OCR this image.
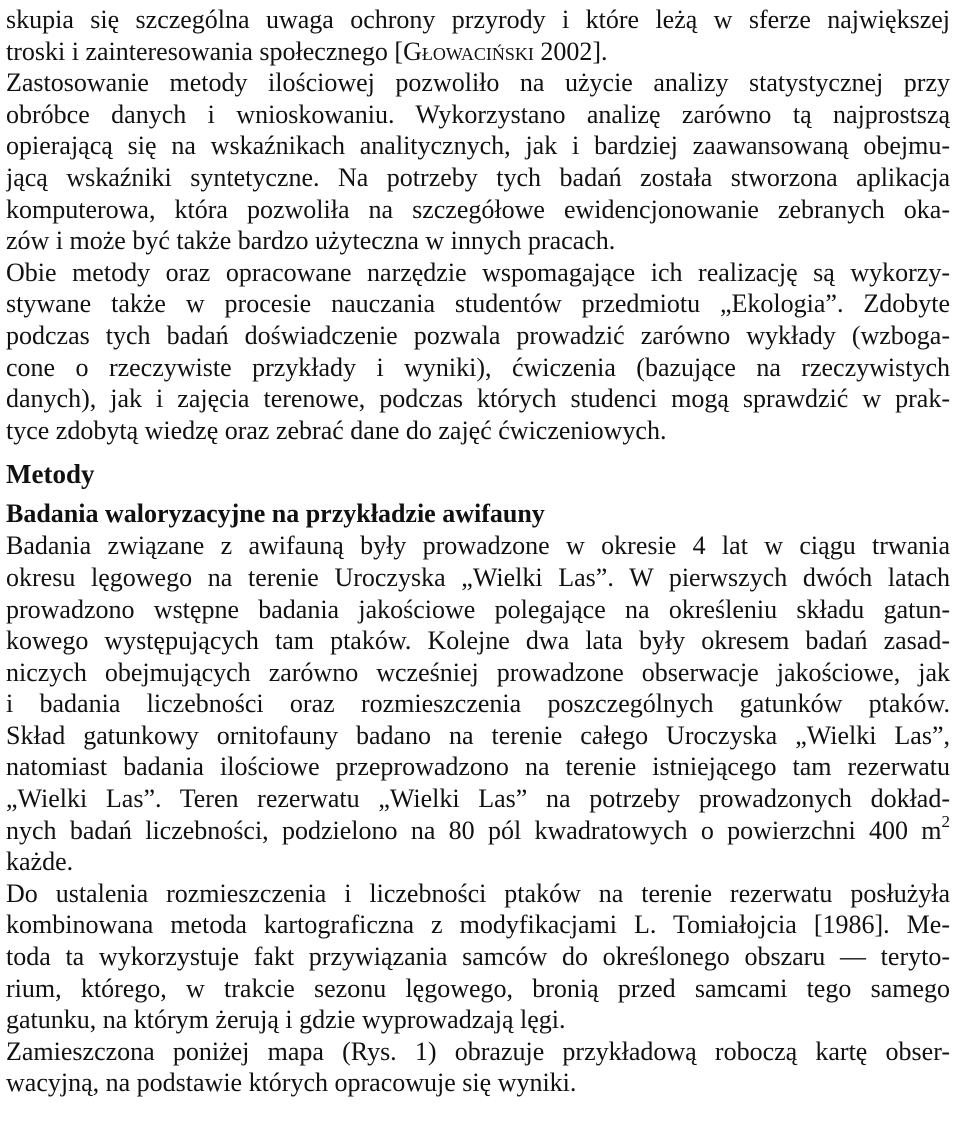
skupia się szczególna uwaga ochrony przyrody i które leżą w sferze największej
troski i zainteresowania społecznego [Głowaciński 2002].
Zastosowanie metody ilościowej pozwoliło na użycie analizy statystycznej przy
obróbce danych i wnioskowaniu. Wykorzystano analizę zarówno tą najprostszą
opierającą się na wskaźnikach analitycznych, jak i bardziej zaawansowaną obejmu-
jącą wskaźniki syntetyczne. Na potrzeby tych badań została stworzona aplikacja
komputerowa, która pozwoliła na szczegółowe ewidencjonowanie zebranych oka-
zów i może być także bardzo użyteczna w innych pracach.
Obie metody oraz opracowane narzędzie wspomagające ich realizację są wykorzy-
stywane także w procesie nauczania studentów przedmiotu „Ekologia”. Zdobyte
podczas tych badań doświadczenie pozwala prowadzić zarówno wykłady (wzboga-
cone o rzeczywiste przykłady i wyniki), ćwiczenia (bazujące na rzeczywistych
danych), jak i zajęcia terenowe, podczas których studenci mogą sprawdzić w prak-
tyce zdobytą wiedzę oraz zebrać dane do zajęć ćwiczeniowych.
Metody
Badania waloryzacyjne na przykładzie awifauny
Badania związane z awifauną były prowadzone w okresie 4 lat w ciągu trwania
okresu lęgowego na terenie Uroczyska „Wielki Las”. W pierwszych dwóch latach
prowadzono wstępne badania jakościowe polegające na określeniu składu gatun-
kowego występujących tam ptaków. Kolejne dwa lata były okresem badań zasad-
niczych obejmujących zarówno wcześniej prowadzone obserwacje jakościowe, jak
i badania liczebności oraz rozmieszczenia poszczególnych gatunków ptaków.
Skład gatunkowy ornitofauny badano na terenie całego Uroczyska „Wielki Las”,
natomiast badania ilościowe przeprowadzono na terenie istniejącego tam rezerwatu
„Wielki Las”. Teren rezerwatu „Wielki Las” na potrzeby prowadzonych dokład-
nych badań liczebności, podzielono na 80 pól kwadratowych o powierzchni 400 $m^2$
każde.
Do ustalenia rozmieszczenia i liczebności ptaków na terenie rezerwatu posłużyła
kombinowana metoda kartograficzna z modyfikacjami L. Tomiałojcia [1986]. Me-
toda ta wykorzystuje fakt przywiązania samców do określonego obszaru — teryto-
rium, którego, w trakcie sezonu lęgowego, bronią przed samcami tego samego
gatunku, na którym żerują i gdzie wyprowadzają lęgi.
Zamieszczona poniżej mapa (Rys. 1) obrazuje przykładową roboczą kartę obser-
wacyjną, na podstawie których opracowuje się wyniki.
